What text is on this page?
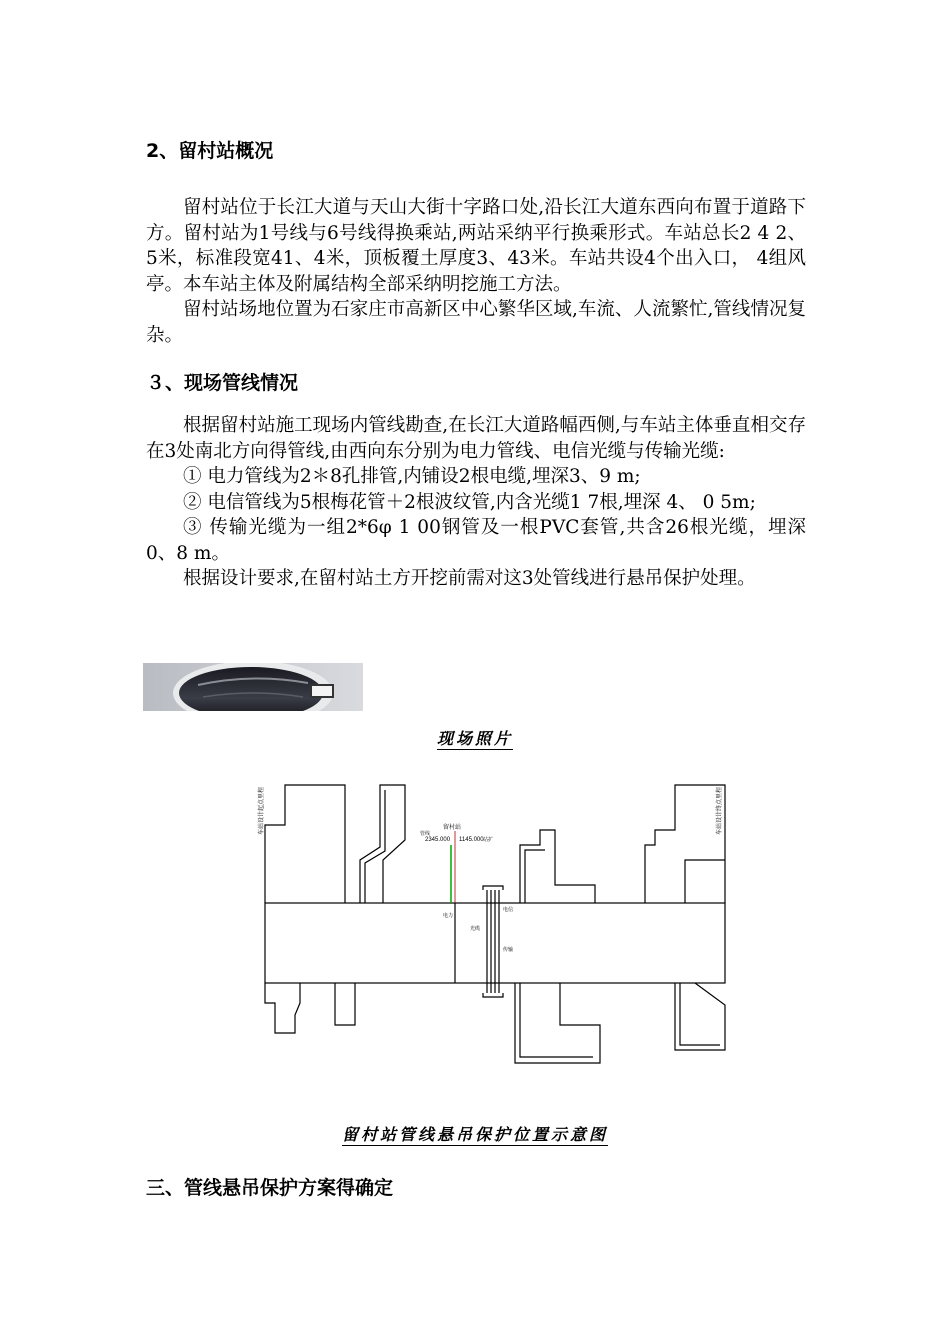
2、留村站概况

留村站位于长江大道与天山大街十字路口处,沿长江大道东西向布置于道路下方。留村站为1号线与6号线得换乘站,两站采纳平行换乘形式。车站总长2 4 2、5米，标准段宽41、4米，顶板覆土厚度3、43米。车站共设4个出入口， 4组风亭。本车站主体及附属结构全部采纳明挖施工方法。

留村站场地位置为石家庄市高新区中心繁华区域,车流、人流繁忙,管线情况复杂。

３、现场管线情况

根据留村站施工现场内管线勘查,在长江大道路幅西侧,与车站主体垂直相交存在3处南北方向得管线,由西向东分别为电力管线、电信光缆与传输光缆:

① 电力管线为2＊8孔排管,内铺设2根电缆,埋深3、9 m;

② 电信管线为5根梅花管＋2根波纹管,内含光缆1 7根,埋深 4、 0 5m;

③ 传输光缆为一组2*6φ 1 00钢管及一根PVC套管,共含26根光缆，埋深0、8 m。

根据设计要求,在留村站土方开挖前需对这3处管线进行悬吊保护处理。

现场照片
2345.000 1145.000
留村站
站扩
电力
电信
传输
管线
光缆
车站设计起点里程	车站设计终点里程
留村站管线悬吊保护位置示意图
三、管线悬吊保护方案得确定
